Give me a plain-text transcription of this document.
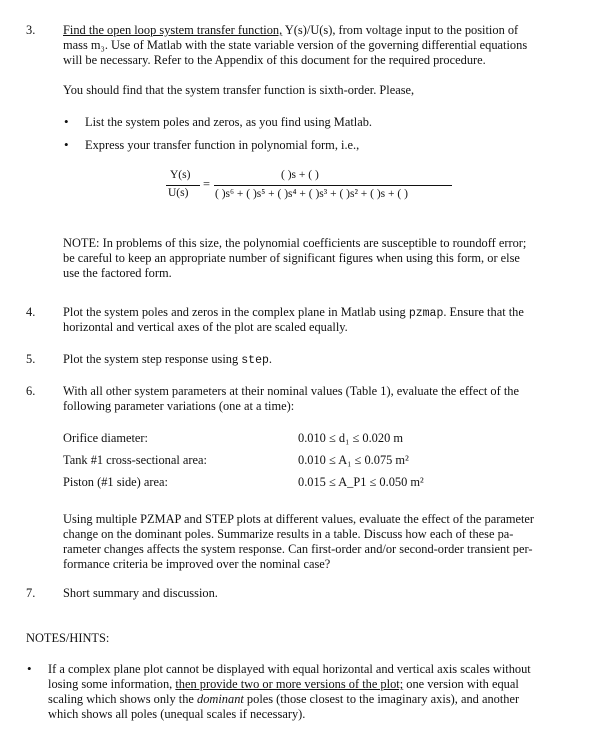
3. Find the open loop system transfer function, Y(s)/U(s), from voltage input to the position of
mass m₃. Use of Matlab with the state variable version of the governing differential equations
will be necessary. Refer to the Appendix of this document for the required procedure.
You should find that the system transfer function is sixth-order. Please,
• List the system poles and zeros, as you find using Matlab.
• Express your transfer function in polynomial form, i.e.,
Y(s)
U(s)
=
( )s + ( )
( )s⁶ + ( )s⁵ + ( )s⁴ + ( )s³ + ( )s² + ( )s + ( )
NOTE: In problems of this size, the polynomial coefficients are susceptible to roundoff error;
be careful to keep an appropriate number of significant figures when using this form, or else
use the factored form.
4. Plot the system poles and zeros in the complex plane in Matlab using pzmap. Ensure that the
horizontal and vertical axes of the plot are scaled equally.
5. Plot the system step response using step.
6. With all other system parameters at their nominal values (Table 1), evaluate the effect of the
following parameter variations (one at a time):
Orifice diameter:	0.010 ≤ d₁ ≤ 0.020 m
Tank #1 cross-sectional area:	0.010 ≤ A₁ ≤ 0.075 m²
Piston (#1 side) area:	0.015 ≤ A_P1 ≤ 0.050 m²
Using multiple PZMAP and STEP plots at different values, evaluate the effect of the parameter
change on the dominant poles. Summarize results in a table. Discuss how each of these pa-
rameter changes affects the system response. Can first-order and/or second-order transient per-
formance criteria be improved over the nominal case?
7. Short summary and discussion.
NOTES/HINTS:
• If a complex plane plot cannot be displayed with equal horizontal and vertical axis scales without
losing some information, then provide two or more versions of the plot; one version with equal
scaling which shows only the dominant poles (those closest to the imaginary axis), and another
which shows all poles (unequal scales if necessary).
